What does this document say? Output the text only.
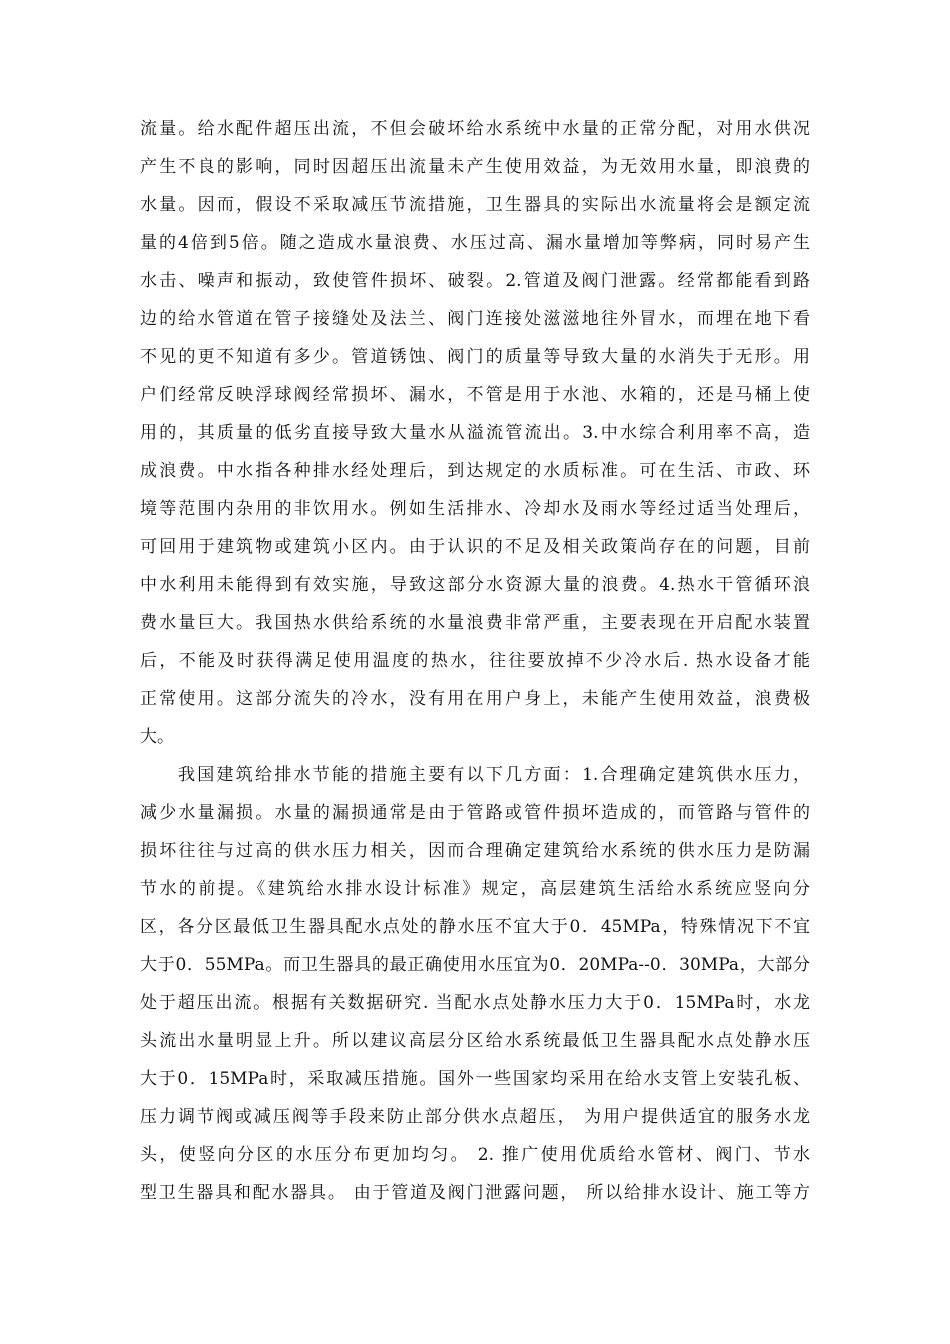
流量。给水配件超压出流，不但会破坏给水系统中水量的正常分配，对用水供况
产生不良的影响，同时因超压出流量未产生使用效益，为无效用水量，即浪费的
水量。因而，假设不采取减压节流措施，卫生器具的实际出水流量将会是额定流
量的4倍到5倍。随之造成水量浪费、水压过高、漏水量增加等弊病，同时易产生
水击、噪声和振动，致使管件损坏、破裂。2.管道及阀门泄露。经常都能看到路
边的给水管道在管子接缝处及法兰、阀门连接处滋滋地往外冒水，而埋在地下看
不见的更不知道有多少。管道锈蚀、阀门的质量等导致大量的水消失于无形。用
户们经常反映浮球阀经常损坏、漏水，不管是用于水池、水箱的，还是马桶上使
用的，其质量的低劣直接导致大量水从溢流管流出。3.中水综合利用率不高，造
成浪费。中水指各种排水经处理后，到达规定的水质标准。可在生活、市政、环
境等范围内杂用的非饮用水。例如生活排水、冷却水及雨水等经过适当处理后，
可回用于建筑物或建筑小区内。由于认识的不足及相关政策尚存在的问题，目前
中水利用未能得到有效实施，导致这部分水资源大量的浪费。4.热水干管循环浪
费水量巨大。我国热水供给系统的水量浪费非常严重，主要表现在开启配水装置
后，不能及时获得满足使用温度的热水，往往要放掉不少冷水后. 热水设备才能
正常使用。这部分流失的冷水，没有用在用户身上，未能产生使用效益，浪费极
大。
我国建筑给排水节能的措施主要有以下几方面：1.合理确定建筑供水压力，
减少水量漏损。水量的漏损通常是由于管路或管件损坏造成的，而管路与管件的
损坏往往与过高的供水压力相关，因而合理确定建筑给水系统的供水压力是防漏
节水的前提。《建筑给水排水设计标准》规定，高层建筑生活给水系统应竖向分
区，各分区最低卫生器具配水点处的静水压不宜大于0．45MPa，特殊情况下不宜
大于0．55MPa。而卫生器具的最正确使用水压宜为0．20MPa--0．30MPa，大部分
处于超压出流。根据有关数据研究. 当配水点处静水压力大于0．15MPa时，水龙
头流出水量明显上升。所以建议高层分区给水系统最低卫生器具配水点处静水压
大于0．15MPa时，采取减压措施。国外一些国家均采用在给水支管上安装孔板、
压力调节阀或减压阀等手段来防止部分供水点超压， 为用户提供适宜的服务水龙
头，使竖向分区的水压分布更加均匀。 2. 推广使用优质给水管材、阀门、节水
型卫生器具和配水器具。 由于管道及阀门泄露问题， 所以给排水设计、施工等方
